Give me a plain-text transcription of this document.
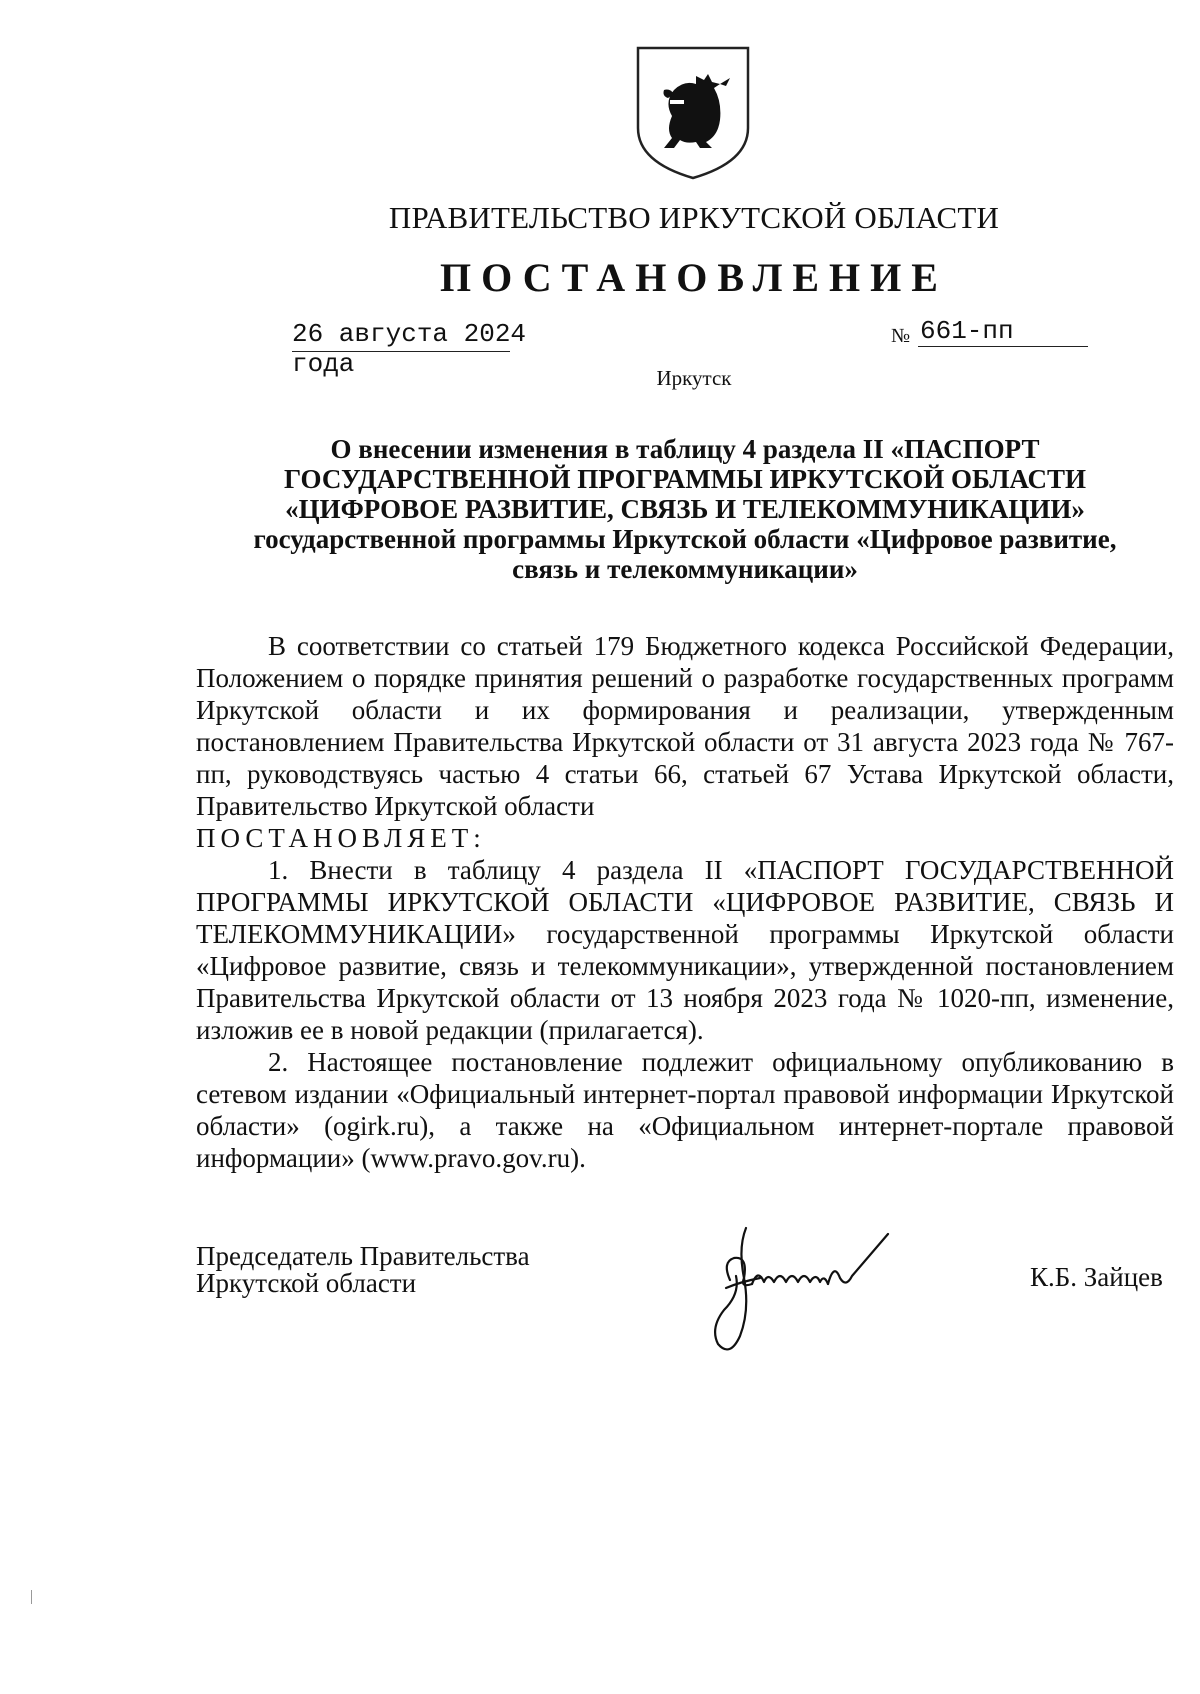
ПРАВИТЕЛЬСТВО ИРКУТСКОЙ ОБЛАСТИ
ПОСТАНОВЛЕНИЕ
26 августа 2024 года
№ 661-пп
Иркутск
О внесении изменения в таблицу 4 раздела II «ПАСПОРТ
ГОСУДАРСТВЕННОЙ ПРОГРАММЫ ИРКУТСКОЙ ОБЛАСТИ
«ЦИФРОВОЕ РАЗВИТИЕ, СВЯЗЬ И ТЕЛЕКОММУНИКАЦИИ»
государственной программы Иркутской области «Цифровое развитие,
связь и телекоммуникации»

В соответствии со статьей 179 Бюджетного кодекса Российской Федерации, Положением о порядке принятия решений о разработке государственных программ Иркутской области и их формирования и реализации, утвержденным постановлением Правительства Иркутской области от 31 августа 2023 года № 767-пп, руководствуясь частью 4 статьи 66, статьей 67 Устава Иркутской области, Правительство Иркутской области

ПОСТАНОВЛЯЕТ:

1. Внести в таблицу 4 раздела II «ПАСПОРТ ГОСУДАРСТВЕННОЙ ПРОГРАММЫ ИРКУТСКОЙ ОБЛАСТИ «ЦИФРОВОЕ РАЗВИТИЕ, СВЯЗЬ И ТЕЛЕКОММУНИКАЦИИ» государственной программы Иркутской области «Цифровое развитие, связь и телекоммуникации», утвержденной постановлением Правительства Иркутской области от 13 ноября 2023 года № 1020-пп, изменение, изложив ее в новой редакции (прилагается).

2. Настоящее постановление подлежит официальному опубликованию в сетевом издании «Официальный интернет-портал правовой информации Иркутской области» (ogirk.ru), а также на «Официальном интернет-портале правовой информации» (www.pravo.gov.ru).

Председатель Правительства
Иркутской области	К.Б. Зайцев
